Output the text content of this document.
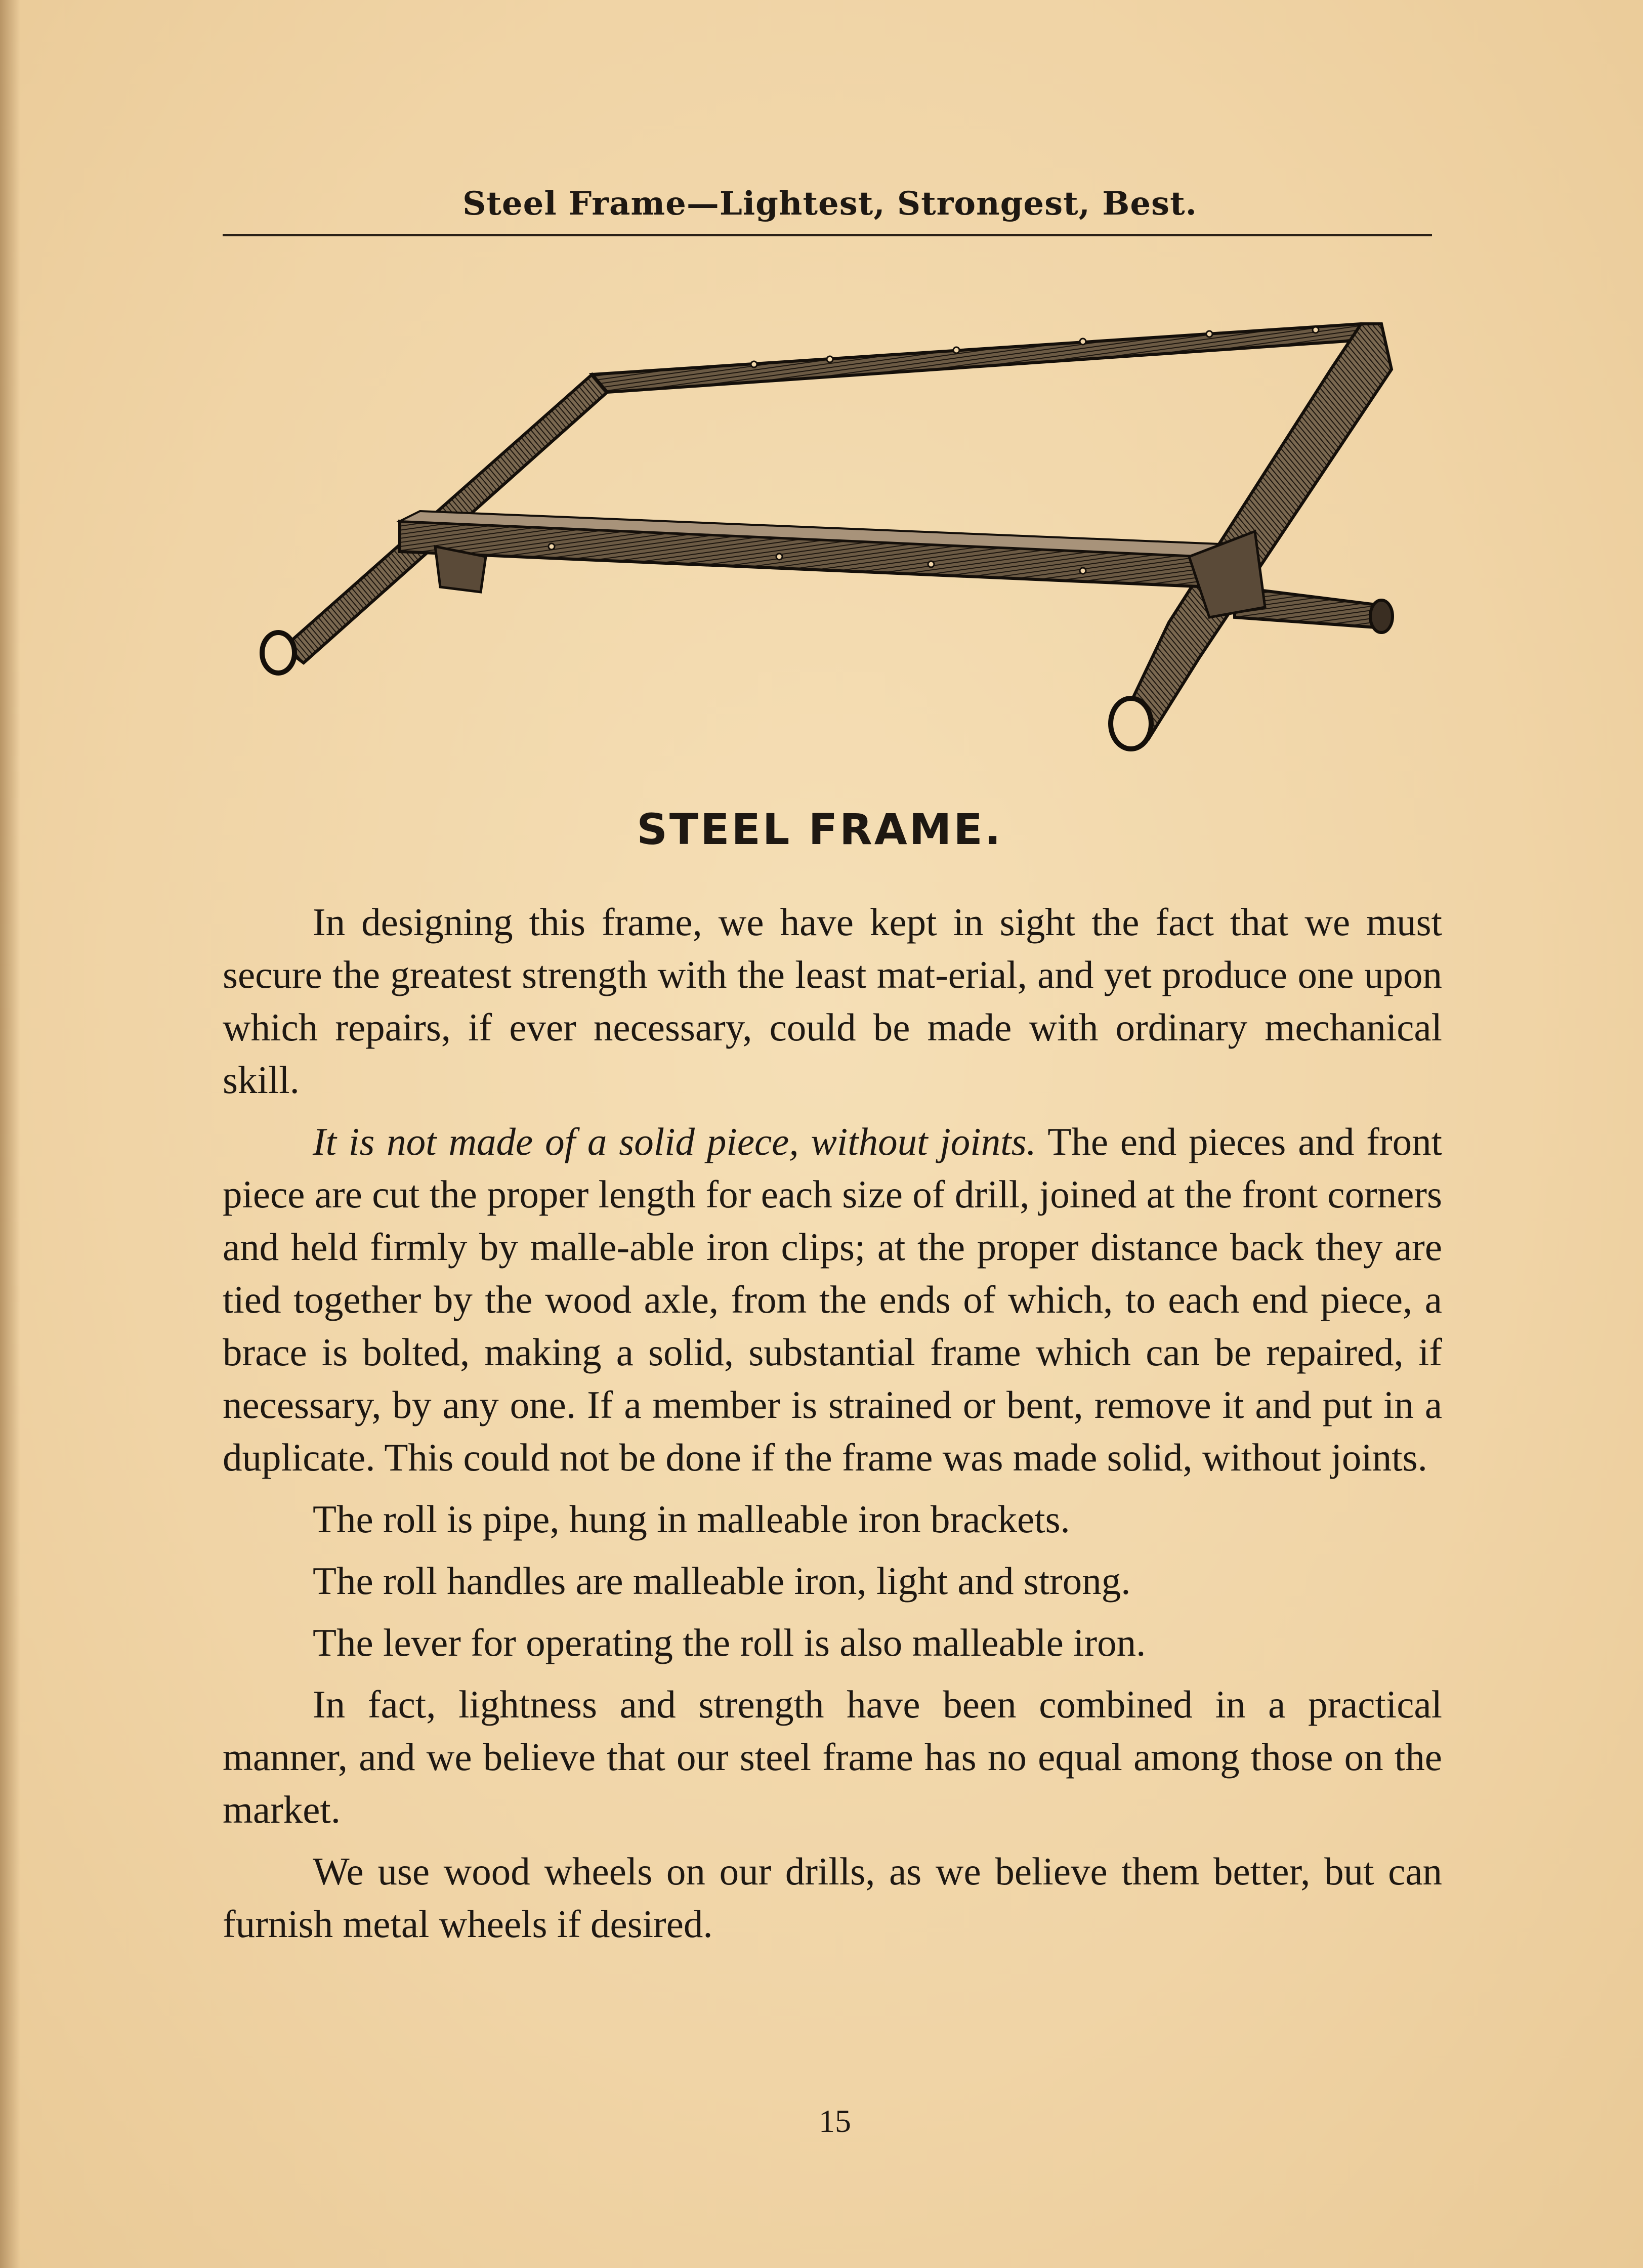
Steel Frame—Lightest, Strongest, Best.
STEEL FRAME.

In designing this frame, we have kept in sight the fact that we must secure the greatest strength with the least mat-erial, and yet produce one upon which repairs, if ever necessary, could be made with ordinary mechanical skill.

It is not made of a solid piece, without joints. The end pieces and front piece are cut the proper length for each size of drill, joined at the front corners and held firmly by malle-able iron clips; at the proper distance back they are tied together by the wood axle, from the ends of which, to each end piece, a brace is bolted, making a solid, substantial frame which can be repaired, if necessary, by any one. If a member is strained or bent, remove it and put in a duplicate. This could not be done if the frame was made solid, without joints.

The roll is pipe, hung in malleable iron brackets.

The roll handles are malleable iron, light and strong.

The lever for operating the roll is also malleable iron.

In fact, lightness and strength have been combined in a practical manner, and we believe that our steel frame has no equal among those on the market.

We use wood wheels on our drills, as we believe them better, but can furnish metal wheels if desired.

15
